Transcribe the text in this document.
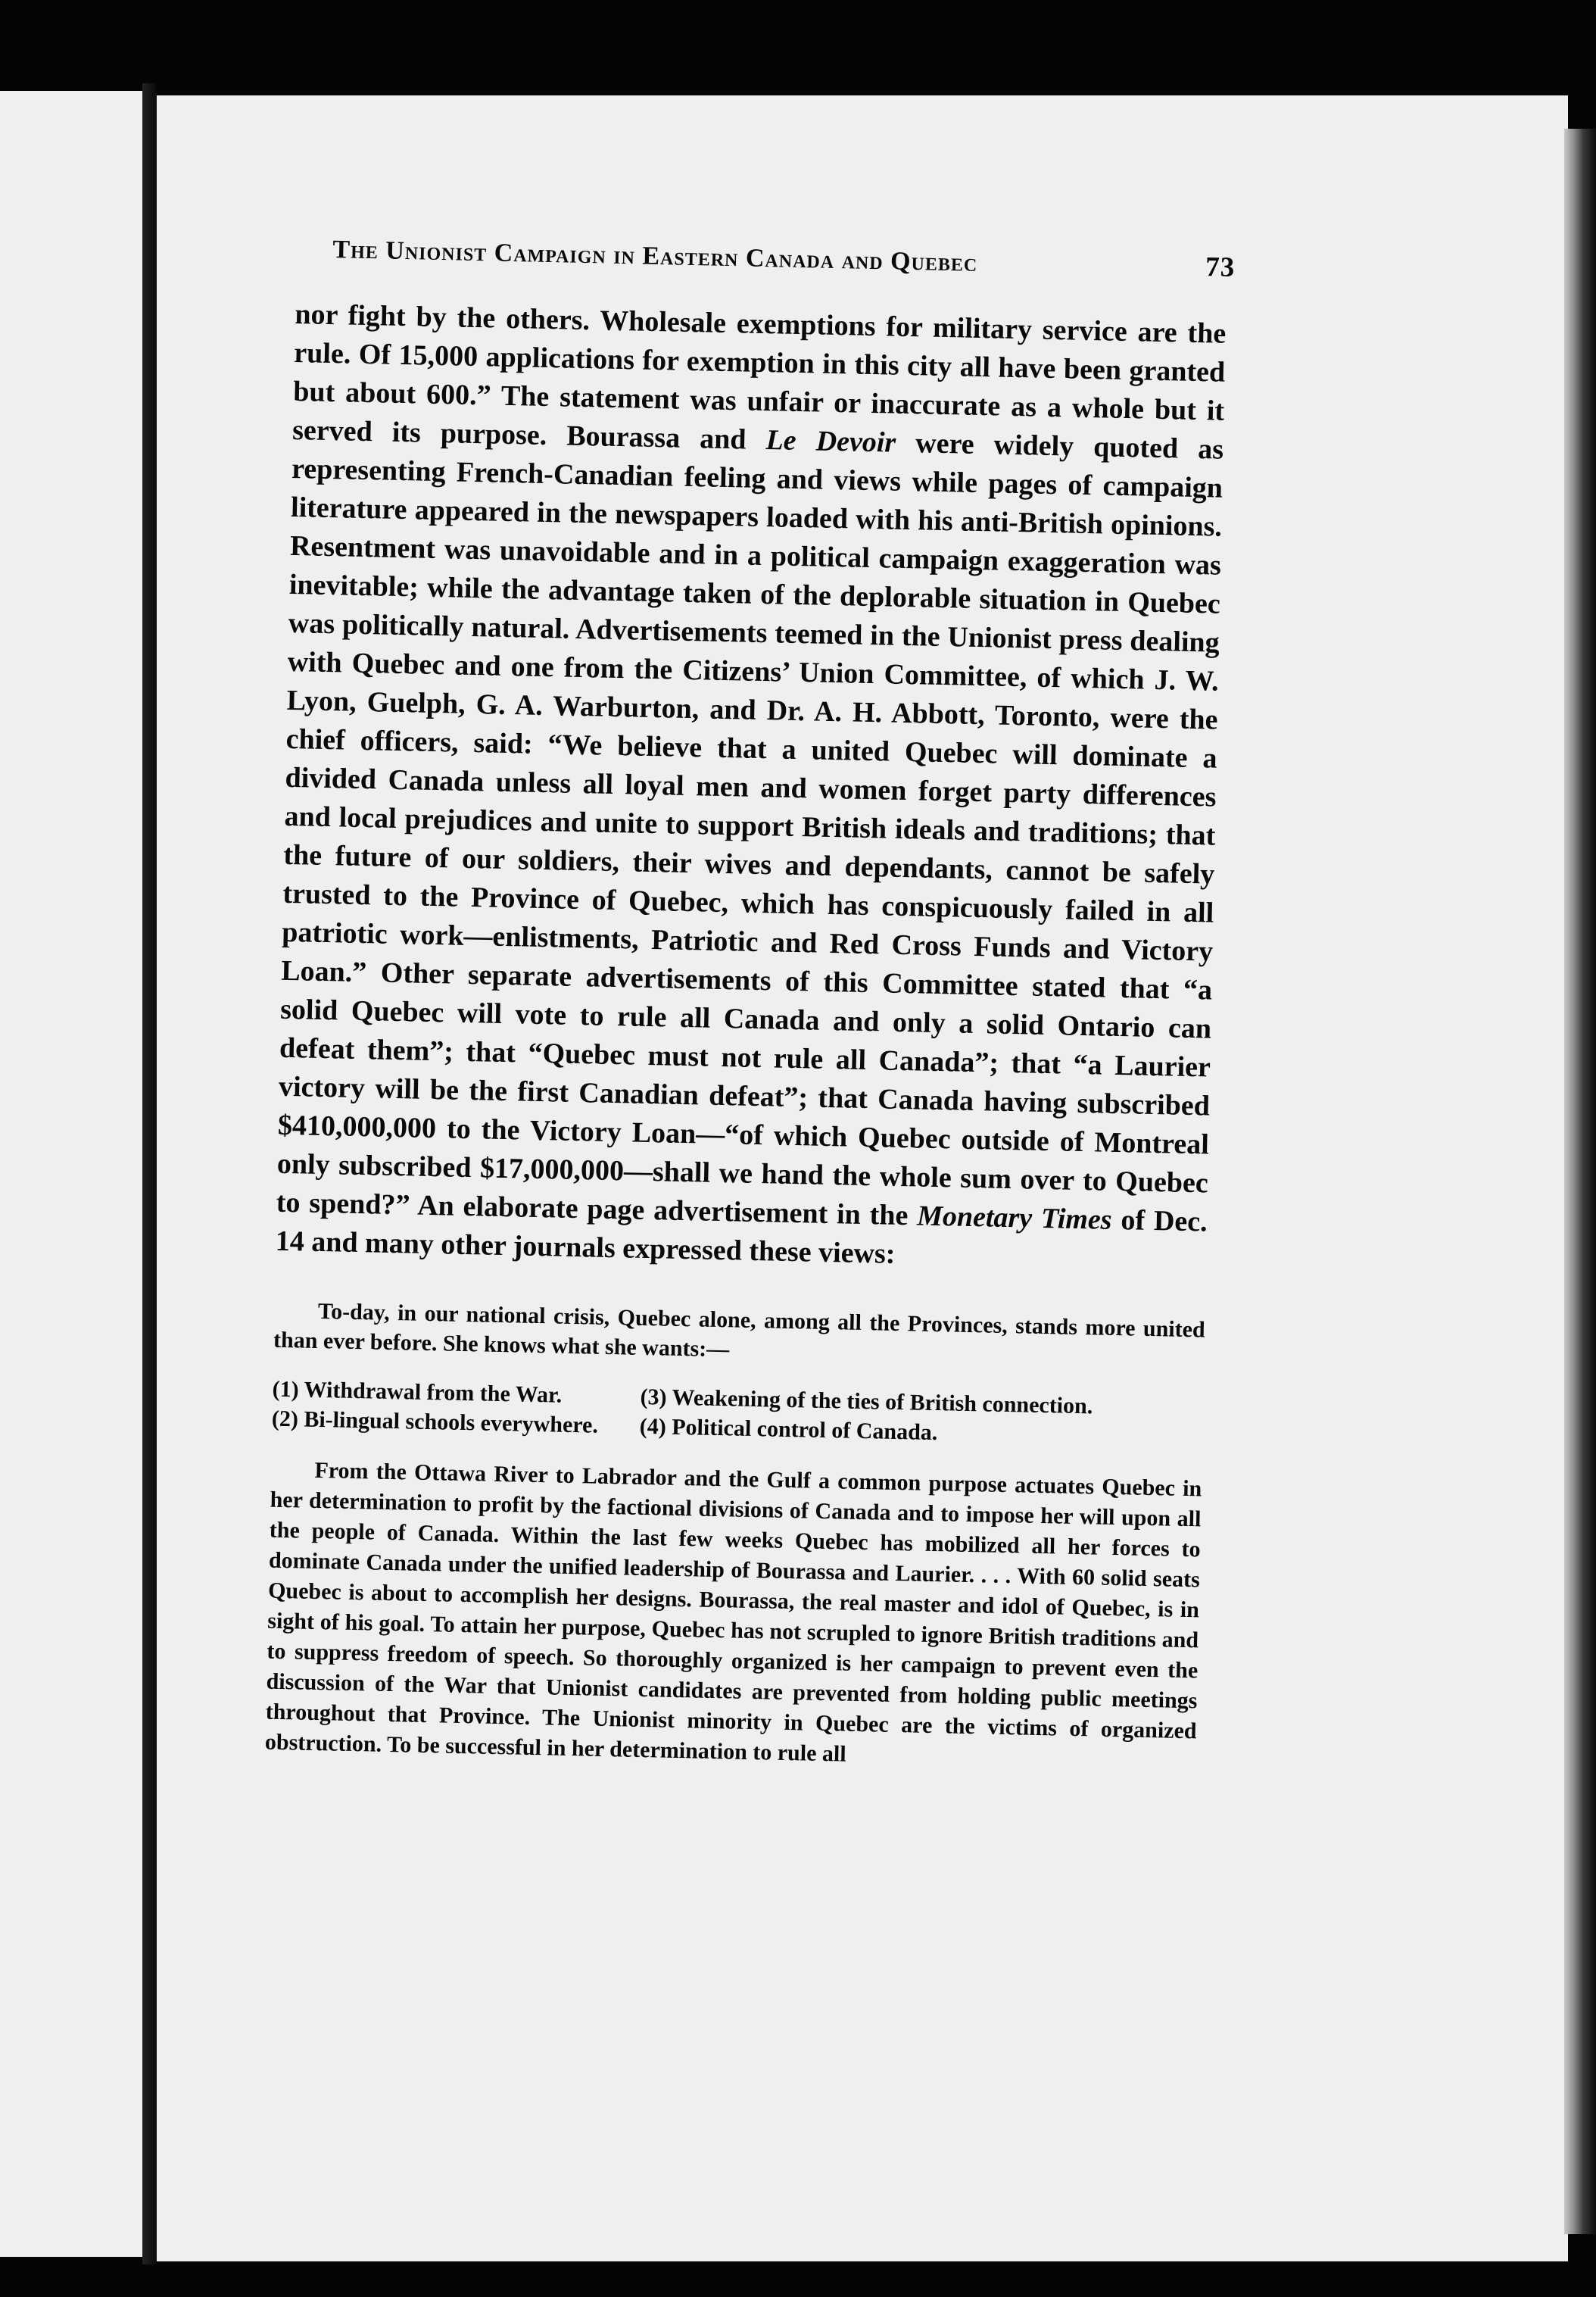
The Unionist Campaign in Eastern Canada and Quebec	73

nor fight by the others. Wholesale exemptions for military service are the rule. Of 15,000 applications for exemption in this city all have been granted but about 600.” The statement was unfair or inaccurate as a whole but it served its purpose. Bourassa and Le Devoir were widely quoted as representing French-Canadian feeling and views while pages of campaign literature appeared in the newspapers loaded with his anti-British opinions. Resentment was unavoidable and in a political campaign exaggeration was inevitable; while the advantage taken of the deplorable situation in Quebec was politically natural. Advertisements teemed in the Unionist press dealing with Quebec and one from the Citizens’ Union Committee, of which J. W. Lyon, Guelph, G. A. Warburton, and Dr. A. H. Abbott, Toronto, were the chief officers, said: “We believe that a united Quebec will dominate a divided Canada unless all loyal men and women forget party differences and local prejudices and unite to support British ideals and traditions; that the future of our soldiers, their wives and dependants, cannot be safely trusted to the Province of Quebec, which has conspicuously failed in all patriotic work—enlistments, Patriotic and Red Cross Funds and Victory Loan.” Other separate advertisements of this Committee stated that “a solid Quebec will vote to rule all Canada and only a solid Ontario can defeat them”; that “Quebec must not rule all Canada”; that “a Laurier victory will be the first Canadian defeat”; that Canada having subscribed $410,000,000 to the Victory Loan—“of which Quebec outside of Montreal only subscribed $17,000,000—shall we hand the whole sum over to Quebec to spend?” An elaborate page advertisement in the Monetary Times of Dec. 14 and many other journals expressed these views:

To-day, in our national crisis, Quebec alone, among all the Provinces, stands more united than ever before. She knows what she wants:—

(1) Withdrawal from the War.	(3) Weakening of the ties of British connection.
(2) Bi-lingual schools everywhere.	(4) Political control of Canada.

From the Ottawa River to Labrador and the Gulf a common purpose actuates Quebec in her determination to profit by the factional divisions of Canada and to impose her will upon all the people of Canada. Within the last few weeks Quebec has mobilized all her forces to dominate Canada under the unified leadership of Bourassa and Laurier. . . . With 60 solid seats Quebec is about to accomplish her designs. Bourassa, the real master and idol of Quebec, is in sight of his goal. To attain her purpose, Quebec has not scrupled to ignore British traditions and to suppress freedom of speech. So thoroughly organized is her campaign to prevent even the discussion of the War that Unionist candidates are prevented from holding public meetings throughout that Province. The Unionist minority in Quebec are the victims of organized obstruction. To be successful in her determination to rule all
